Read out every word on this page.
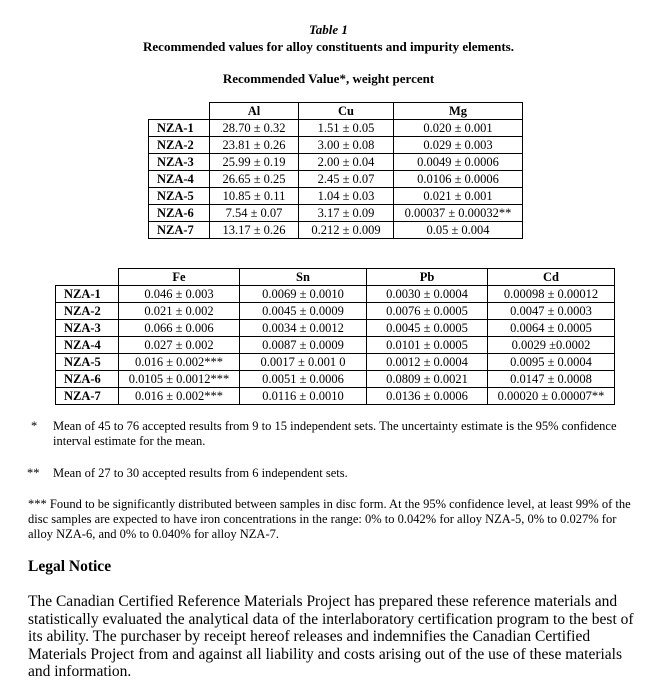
Table 1
Recommended values for alloy constituents and impurity elements.
Recommended Value*, weight percent
	Al	Cu	Mg
NZA-1	28.70 ± 0.32	1.51 ± 0.05	0.020 ± 0.001
NZA-2	23.81 ± 0.26	3.00 ± 0.08	0.029 ± 0.003
NZA-3	25.99 ± 0.19	2.00 ± 0.04	0.0049 ± 0.0006
NZA-4	26.65 ± 0.25	2.45 ± 0.07	0.0106 ± 0.0006
NZA-5	10.85 ± 0.11	1.04 ± 0.03	0.021 ± 0.001
NZA-6	7.54 ± 0.07	3.17 ± 0.09	0.00037 ± 0.00032**
NZA-7	13.17 ± 0.26	0.212 ± 0.009	0.05 ± 0.004
	Fe	Sn	Pb	Cd
NZA-1	0.046 ± 0.003	0.0069 ± 0.0010	0.0030 ± 0.0004	0.00098 ± 0.00012
NZA-2	0.021 ± 0.002	0.0045 ± 0.0009	0.0076 ± 0.0005	0.0047 ± 0.0003
NZA-3	0.066 ± 0.006	0.0034 ± 0.0012	0.0045 ± 0.0005	0.0064 ± 0.0005
NZA-4	0.027 ± 0.002	0.0087 ± 0.0009	0.0101 ± 0.0005	0.0029 ±0.0002
NZA-5	0.016 ± 0.002***	0.0017 ± 0.001 0	0.0012 ± 0.0004	0.0095 ± 0.0004
NZA-6	0.0105 ± 0.0012***	0.0051 ± 0.0006	0.0809 ± 0.0021	0.0147 ± 0.0008
NZA-7	0.016 ± 0.002***	0.0116 ± 0.0010	0.0136 ± 0.0006	0.00020 ± 0.00007**
* Mean of 45 to 76 accepted results from 9 to 15 independent sets. The uncertainty estimate is the 95% confidence interval estimate for the mean.
** Mean of 27 to 30 accepted results from 6 independent sets.
*** Found to be significantly distributed between samples in disc form. At the 95% confidence level, at least 99% of the disc samples are expected to have iron concentrations in the range: 0% to 0.042% for alloy NZA-5, 0% to 0.027% for alloy NZA-6, and 0% to 0.040% for alloy NZA-7.
Legal Notice
The Canadian Certified Reference Materials Project has prepared these reference materials and statistically evaluated the analytical data of the interlaboratory certification program to the best of its ability. The purchaser by receipt hereof releases and indemnifies the Canadian Certified Materials Project from and against all liability and costs arising out of the use of these materials and information.
